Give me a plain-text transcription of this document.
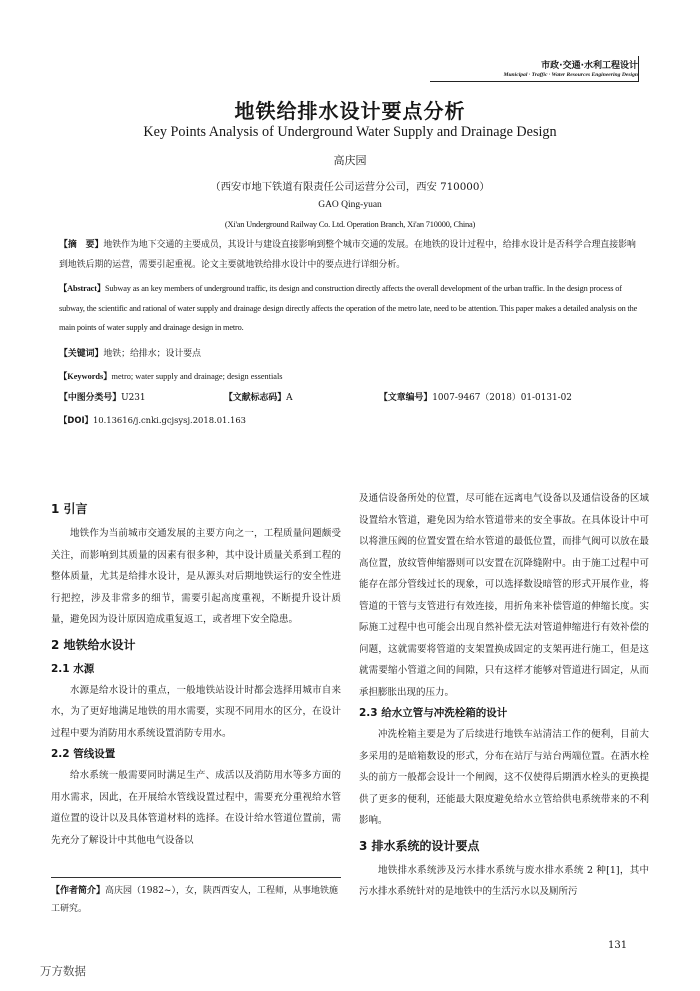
市政·交通·水利工程设计
Municipal · Traffic · Water Resources Engineering Design
地铁给排水设计要点分析
Key Points Analysis of Underground Water Supply and Drainage Design
高庆园
（西安市地下铁道有限责任公司运营分公司，西安 710000）
GAO Qing-yuan
(Xi'an Underground Railway Co. Ltd. Operation Branch, Xi'an 710000, China)
【摘　要】地铁作为地下交通的主要成员，其设计与建设直接影响到整个城市交通的发展。在地铁的设计过程中，给排水设计是否科学合理直接影响到地铁后期的运营，需要引起重视。论文主要就地铁给排水设计中的要点进行详细分析。
【Abstract】Subway as an key members of underground traffic, its design and construction directly affects the overall development of the urban traffic. In the design process of subway, the scientific and rational of water supply and drainage design directly affects the operation of the metro late, need to be attention. This paper makes a detailed analysis on the main points of water supply and drainage design in metro.
【关键词】地铁；给排水；设计要点
【Keywords】metro; water supply and drainage; design essentials
【中图分类号】U231	【文献标志码】A	【文章编号】1007-9467（2018）01-0131-02
【DOI】10.13616/j.cnki.gcjsysj.2018.01.163
1 引言

地铁作为当前城市交通发展的主要方向之一，工程质量问题颇受关注，而影响到其质量的因素有很多种，其中设计质量关系到工程的整体质量，尤其是给排水设计，是从源头对后期地铁运行的安全性进行把控，涉及非常多的细节，需要引起高度重视，不断提升设计质量，避免因为设计原因造成重复返工，或者埋下安全隐患。

2 地铁给水设计
2.1 水源

水源是给水设计的重点，一般地铁站设计时都会选择用城市自来水，为了更好地满足地铁的用水需要，实现不同用水的区分，在设计过程中要为消防用水系统设置消防专用水。

2.2 管线设置

给水系统一般需要同时满足生产、成活以及消防用水等多方面的用水需求，因此，在开展给水管线设置过程中，需要充分重视给水管道位置的设计以及具体管道材料的选择。在设计给水管道位置前，需先充分了解设计中其他电气设备以

【作者简介】高庆园（1982~），女，陕西西安人，工程师，从事地铁施工研究。

及通信设备所处的位置，尽可能在远离电气设备以及通信设备的区域设置给水管道，避免因为给水管道带来的安全事故。在具体设计中可以将泄压阀的位置安置在给水管道的最低位置，而排气阀可以放在最高位置，放纹管伸缩器则可以安置在沉降缝附中。由于施工过程中可能存在部分管线过长的现象，可以选择数设暗管的形式开展作业，将管道的干管与支管进行有效连接，用折角来补偿管道的伸缩长度。实际施工过程中也可能会出现自然补偿无法对管道伸缩进行有效补偿的问题，这就需要将管道的支架置换成固定的支架再进行施工，但是这就需要缩小管道之间的间隙，只有这样才能够对管道进行固定，从而承担膨胀出现的压力。

2.3 给水立管与冲洗栓箱的设计

冲洗栓箱主要是为了后续进行地铁车站清洁工作的便利，目前大多采用的是暗箱数设的形式，分布在站厅与站台两端位置。在洒水栓头的前方一般都会设计一个闸阀，这不仅使得后期洒水栓头的更换提供了更多的便利，还能最大限度避免给水立管给供电系统带来的不利影响。

3 排水系统的设计要点

地铁排水系统涉及污水排水系统与废水排水系统 2 种[1]，其中污水排水系统针对的是地铁中的生活污水以及厕所污

131
万方数据
